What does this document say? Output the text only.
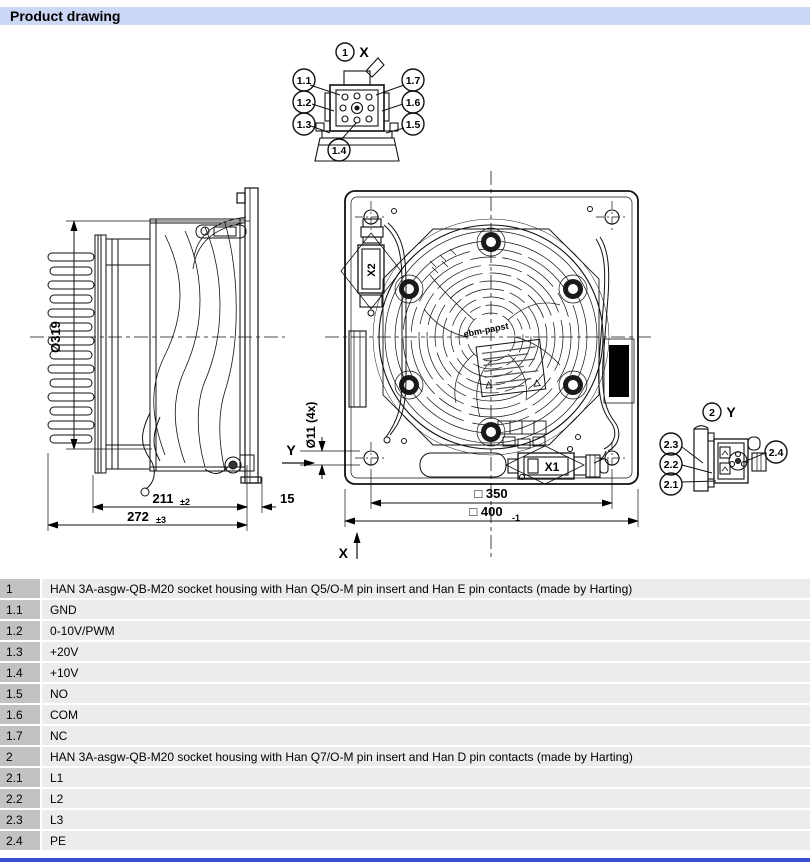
Product drawing
1 X
1.1
1.2
1.3
1.4
1.5
1.6
1.7
Ø319
211 ±2
272 ±3
15
ebm-papst
X2
X1
□ 350
□ 400 -1
X
Y
Ø11 (4x)	2 Y
2.1
2.2
2.3
2.4
1	HAN 3A-asgw-QB-M20 socket housing with Han Q5/O-M pin insert and Han E pin contacts (made by Harting)
1.1	GND
1.2	0-10V/PWM
1.3	+20V
1.4	+10V
1.5	NO
1.6	COM
1.7	NC
2	HAN 3A-asgw-QB-M20 socket housing with Han Q7/O-M pin insert and Han D pin contacts (made by Harting)
2.1	L1
2.2	L2
2.3	L3
2.4	PE
